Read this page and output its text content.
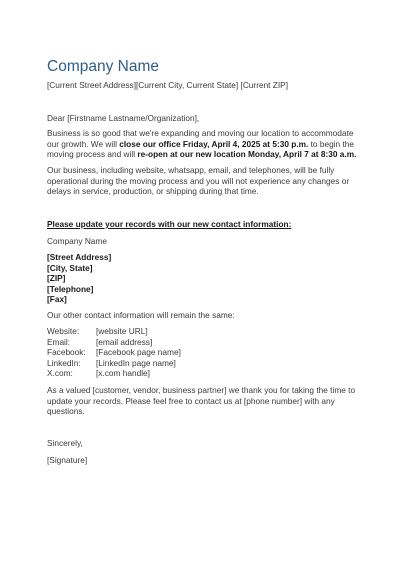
Company Name
[Current Street Address][Current City, Current State] [Current ZIP]
Dear [Firstname Lastname/Organization],
Business is so good that we're expanding and moving our location to accommodate
our growth. We will close our office Friday, April 4, 2025 at 5:30 p.m. to begin the
moving process and will re-open at our new location Monday, April 7 at 8:30 a.m.
Our business, including website, whatsapp, email, and telephones, will be fully
operational during the moving process and you will not experience any changes or
delays in service, production, or shipping during that time.
Please update your records with our new contact information:
Company Name
[Street Address]
[City, State]
[ZIP]
[Telephone]
[Fax]
Our other contact information will remain the same:
Website:	[website URL]
Email:	[email address]
Facebook:	[Facebook page name]
LinkedIn:	[LinkedIn page name]
X.com:	[x.com handle]
As a valued [customer, vendor, business partner] we thank you for taking the time to
update your records. Please feel free to contact us at [phone number] with any
questions.
Sincerely,
[Signature]
